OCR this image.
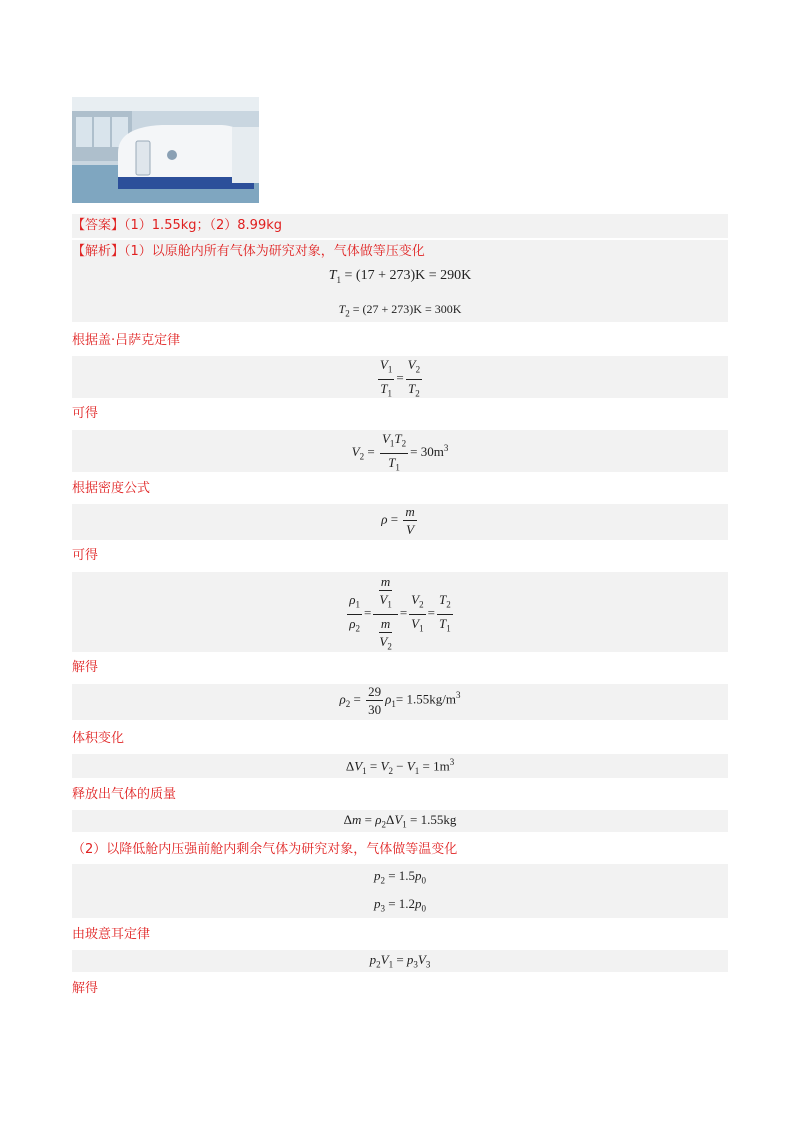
【答案】（1）1.55kg；（2）8.99kg
【解析】（1）以原舱内所有气体为研究对象，气体做等压变化
$T_1 = (17 + 273)K = 290K$
$T_2 = (27 + 273)K = 300K$
根据盖·吕萨克定律
$\frac{V_1}{T_1} = \frac{V_2}{T_2}$
可得
$V_2 = \frac{V_1T_2}{T_1} = 30m^3$
根据密度公式
$\rho = \frac{m}{V}$
可得
$\frac{\rho_1}{\rho_2} = \frac{\frac{m}{V_1}}{\frac{m}{V_2}} = \frac{V_2}{V_1} = \frac{T_2}{T_1}$
解得
$\rho_2 = \frac{29}{30} \rho_1= 1.55kg/m^3$
体积变化
$\Delta V_1 = V_2 - V_1 = 1m^3$
释放出气体的质量
$\Delta m = \rho_2\Delta V_1 = 1.55kg$
（2）以降低舱内压强前舱内剩余气体为研究对象，气体做等温变化
$p_2 = 1.5p_0$
$p_3 = 1.2p_0$
由玻意耳定律
$p_2V_1 = p_3V_3$
解得
